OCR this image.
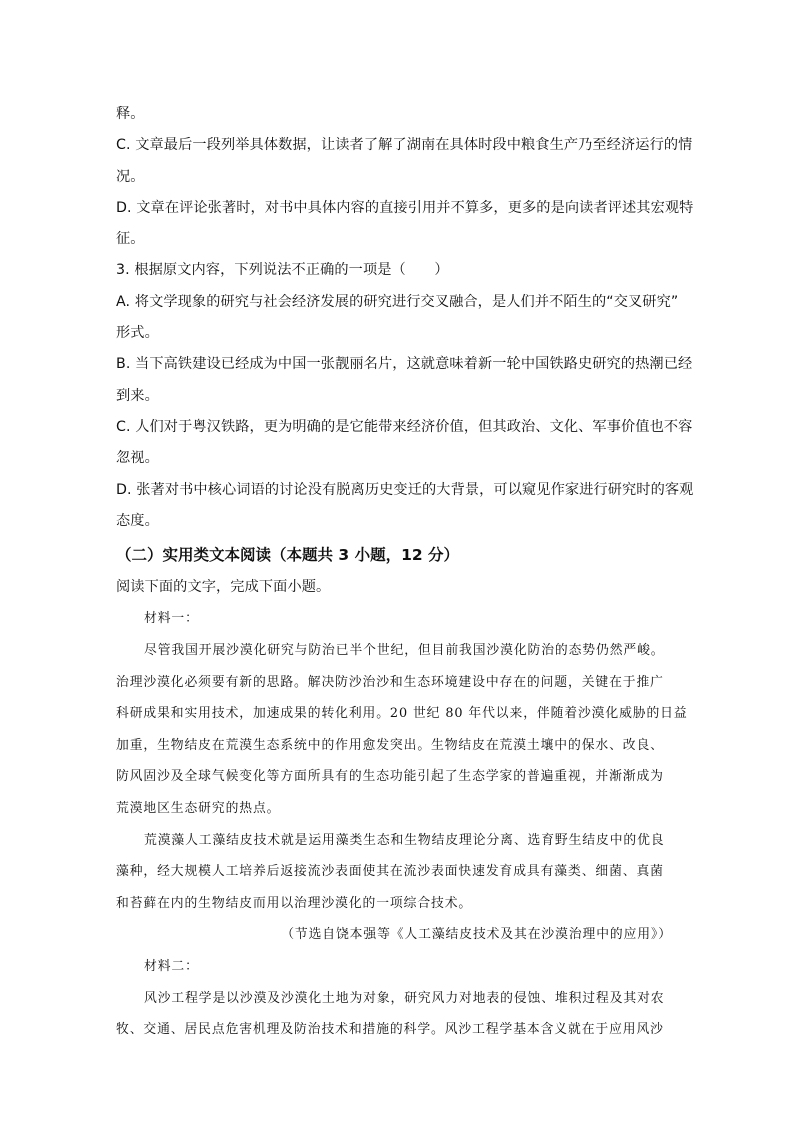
释。
C. 文章最后一段列举具体数据，让读者了解了湖南在具体时段中粮食生产乃至经济运行的情
况。
D. 文章在评论张著时，对书中具体内容的直接引用并不算多，更多的是向读者评述其宏观特
征。
3. 根据原文内容，下列说法不正确的一项是（　　）
A. 将文学现象的研究与社会经济发展的研究进行交叉融合，是人们并不陌生的“交叉研究”
形式。
B. 当下高铁建设已经成为中国一张靓丽名片，这就意味着新一轮中国铁路史研究的热潮已经
到来。
C. 人们对于粤汉铁路，更为明确的是它能带来经济价值，但其政治、文化、军事价值也不容
忽视。
D. 张著对书中核心词语的讨论没有脱离历史变迁的大背景，可以窥见作家进行研究时的客观
态度。
（二）实用类文本阅读（本题共 3 小题，12 分）
阅读下面的文字，完成下面小题。
材料一：
尽管我国开展沙漠化研究与防治已半个世纪，但目前我国沙漠化防治的态势仍然严峻。
治理沙漠化必须要有新的思路。解决防沙治沙和生态环境建设中存在的问题，关键在于推广
科研成果和实用技术，加速成果的转化利用。20 世纪 80 年代以来，伴随着沙漠化威胁的日益
加重，生物结皮在荒漠生态系统中的作用愈发突出。生物结皮在荒漠土壤中的保水、改良、
防风固沙及全球气候变化等方面所具有的生态功能引起了生态学家的普遍重视，并渐渐成为
荒漠地区生态研究的热点。
荒漠藻人工藻结皮技术就是运用藻类生态和生物结皮理论分离、选育野生结皮中的优良
藻种，经大规模人工培养后返接流沙表面使其在流沙表面快速发育成具有藻类、细菌、真菌
和苔藓在内的生物结皮而用以治理沙漠化的一项综合技术。
（节选自饶本强等《人工藻结皮技术及其在沙漠治理中的应用》）
材料二：
风沙工程学是以沙漠及沙漠化土地为对象，研究风力对地表的侵蚀、堆积过程及其对农
牧、交通、居民点危害机理及防治技术和措施的科学。风沙工程学基本含义就在于应用风沙
